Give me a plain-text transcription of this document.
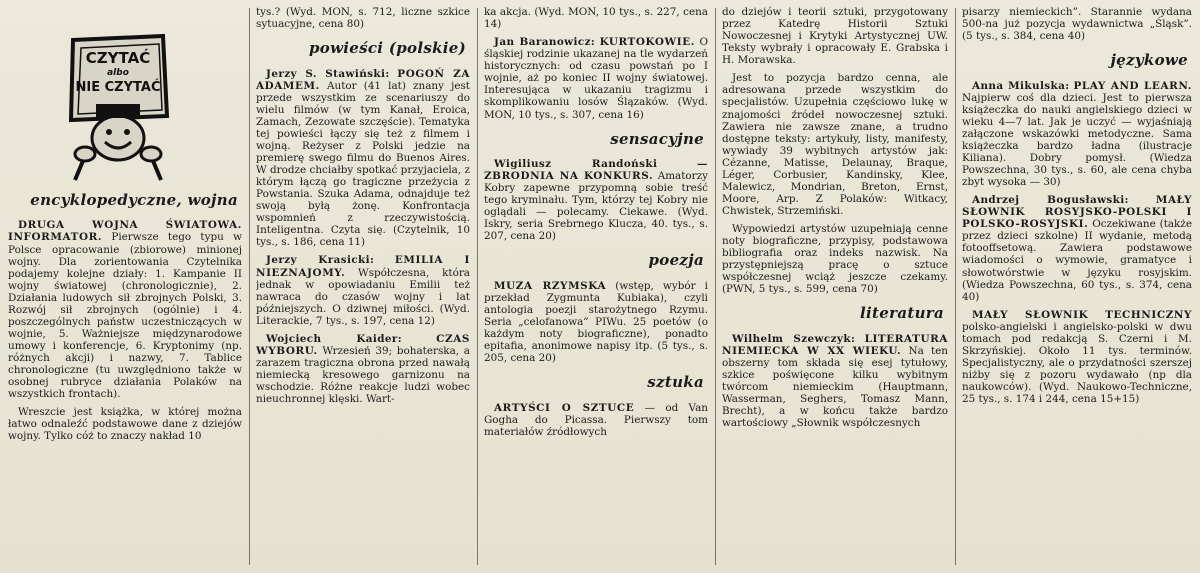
CZYTAĆ
albo
NIE CZYTAĆ
encyklopedyczne, wojna

DRUGA WOJNA ŚWIATOWA. INFORMATOR. Pierwsze tego typu w Polsce opracowanie (zbiorowe) minionej wojny. Dla zorientowania Czytelnika podajemy kolejne działy: 1. Kampanie II wojny światowej (chronologicznie), 2. Działania ludowych sił zbrojnych Polski, 3. Rozwój sił zbrojnych (ogólnie) i 4. poszczególnych państw uczestniczących w wojnie, 5. Ważniejsze międzynarodowe umowy i konferencje, 6. Kryptonimy (np. różnych akcji) i nazwy, 7. Tablice chronologiczne (tu uwzględniono także w osobnej rubryce działania Polaków na wszystkich frontach).

Wreszcie jest książka, w której można łatwo odnaleźć podstawowe dane z dziejów wojny. Tylko cóż to znaczy nakład 10

tys.? (Wyd. MON, s. 712, liczne szkice sytuacyjne, cena 80)

powieści (polskie)

Jerzy S. Stawiński: POGOŃ ZA ADAMEM. Autor (41 lat) znany jest przede wszystkim ze scenariuszy do wielu filmów (w tym Kanał, Eroica, Zamach, Zezowate szczęście). Tematyka tej powieści łączy się też z filmem i wojną. Reżyser z Polski jedzie na premierę swego filmu do Buenos Aires. W drodze chciałby spotkać przyjaciela, z którym łączą go tragiczne przeżycia z Powstania. Szuka Adama, odnajduje też swoją byłą żonę. Konfrontacja wspomnień z rzeczywistością. Inteligentna. Czyta się. (Czytelnik, 10 tys., s. 186, cena 11)

Jerzy Krasicki: EMILIA I NIEZNAJOMY. Współczesna, która jednak w opowiadaniu Emilii też nawraca do czasów wojny i lat późniejszych. O dziwnej miłości. (Wyd. Literackie, 7 tys., s. 197, cena 12)

Wojciech Kaider:	CZAS WYBORU. Wrzesień 39; bohaterska, a zarazem tragiczna obrona przed nawałą niemiecką kresowego garnizonu na wschodzie. Różne reakcje ludzi wobec nieuchronnej klęski. Wart-

ka akcja. (Wyd. MON, 10 tys., s. 227, cena 14)

Jan Baranowicz: KURTOKOWIE. O śląskiej rodzinie ukazanej na tle wydarzeń historycznych: od czasu powstań po I wojnie, aż po koniec II wojny światowej. Interesująca w ukazaniu tragizmu i skomplikowaniu losów Ślązaków. (Wyd. MON, 10 tys., s. 307, cena 16)

sensacyjne

Wigiliusz Randoński	— ZBRODNIA NA KONKURS. Amatorzy Kobry zapewne przypomną sobie treść tego kryminału. Tym, którzy tej Kobry nie oglądali — polecamy. Ciekawe. (Wyd. Iskry, seria Srebrnego Klucza, 40. tys., s. 207, cena 20)

poezja

MUZA RZYMSKA (wstęp, wybór i przekład Zygmunta Kubiaka), czyli antologia poezji starożytnego Rzymu. Seria „celofanowa” PIWu. 25 poetów (o każdym noty biograficzne), ponadto epitafia, anonimowe napisy itp. (5 tys., s. 205, cena 20)

sztuka

ARTYŚCI O SZTUCE — od Van Gogha do Picassa. Pierwszy tom materiałów źródłowych

do dziejów i teorii sztuki, przygotowany przez Katedrę Historii Sztuki Nowoczesnej i Krytyki Artystycznej UW. Teksty wybrały i opracowały E. Grabska i H. Morawska.

Jest to pozycja bardzo cenna, ale adresowana przede wszystkim do specjalistów. Uzupełnia częściowo lukę w znajomości źródeł nowoczesnej sztuki. Zawiera nie zawsze znane, a trudno dostępne teksty: artykuły, listy, manifesty, wywiady 39 wybitnych artystów jak: Cézanne, Matisse, Delaunay, Braque, Léger, Corbusier, Kandinsky, Klee, Malewicz, Mondrian, Breton, Ernst, Moore, Arp. Z Polaków: Witkacy, Chwistek, Strzemiński.

Wypowiedzi artystów uzupełniają cenne noty biograficzne, przypisy, podstawowa bibliografia oraz indeks nazwisk. Na przystępniejszą pracę o sztuce współczesnej wciąż jeszcze czekamy. (PWN, 5 tys., s. 599, cena 70)

literatura

Wilhelm Szewczyk: LITERATURA NIEMIECKA W XX WIEKU. Na ten obszerny tom składa się esej tytułowy, szkice poświęcone kilku wybitnym twórcom niemieckim (Hauptmann, Wasserman, Seghers, Tomasz Mann, Brecht), a w końcu także bardzo wartościowy „Słownik współczesnych

pisarzy niemieckich”. Starannie wydana 500-na już pozycja wydawnictwa „Śląsk”. (5 tys., s. 384, cena 40)

językowe

Anna Mikulska: PLAY AND LEARN. Najpierw coś dla dzieci. Jest to pierwsza książeczka do nauki angielskiego dzieci w wieku 4—7 lat. Jak je uczyć — wyjaśniają załączone wskazówki metodyczne. Sama książeczka bardzo ładna (ilustracje Kiliana). Dobry pomysł. (Wiedza Powszechna, 30 tys., s. 60, ale cena chyba zbyt wysoka — 30)

Andrzej Bogusławski:	MAŁY SŁOWNIK ROSYJSKO-POLSKI I POLSKO-ROSYJSKI. Oczekiwane (także przez dzieci szkolne) II wydanie, metodą fotooffsetową. Zawiera podstawowe wiadomości o wymowie, gramatyce i słowotwórstwie w języku rosyjskim. (Wiedza Powszechna, 60 tys., s. 374, cena 40)

MAŁY SŁOWNIK TECHNICZNY polsko-angielski i angielsko-polski w dwu tomach pod redakcją S. Czerni i M. Skrzyńskiej. Około 11 tys. terminów. Specjalistyczny, ale o przydatności szerszej niżby się z pozoru wydawało (np dla naukowców). (Wyd. Naukowo-Techniczne, 25 tys., s. 174 i 244, cena 15+15)
